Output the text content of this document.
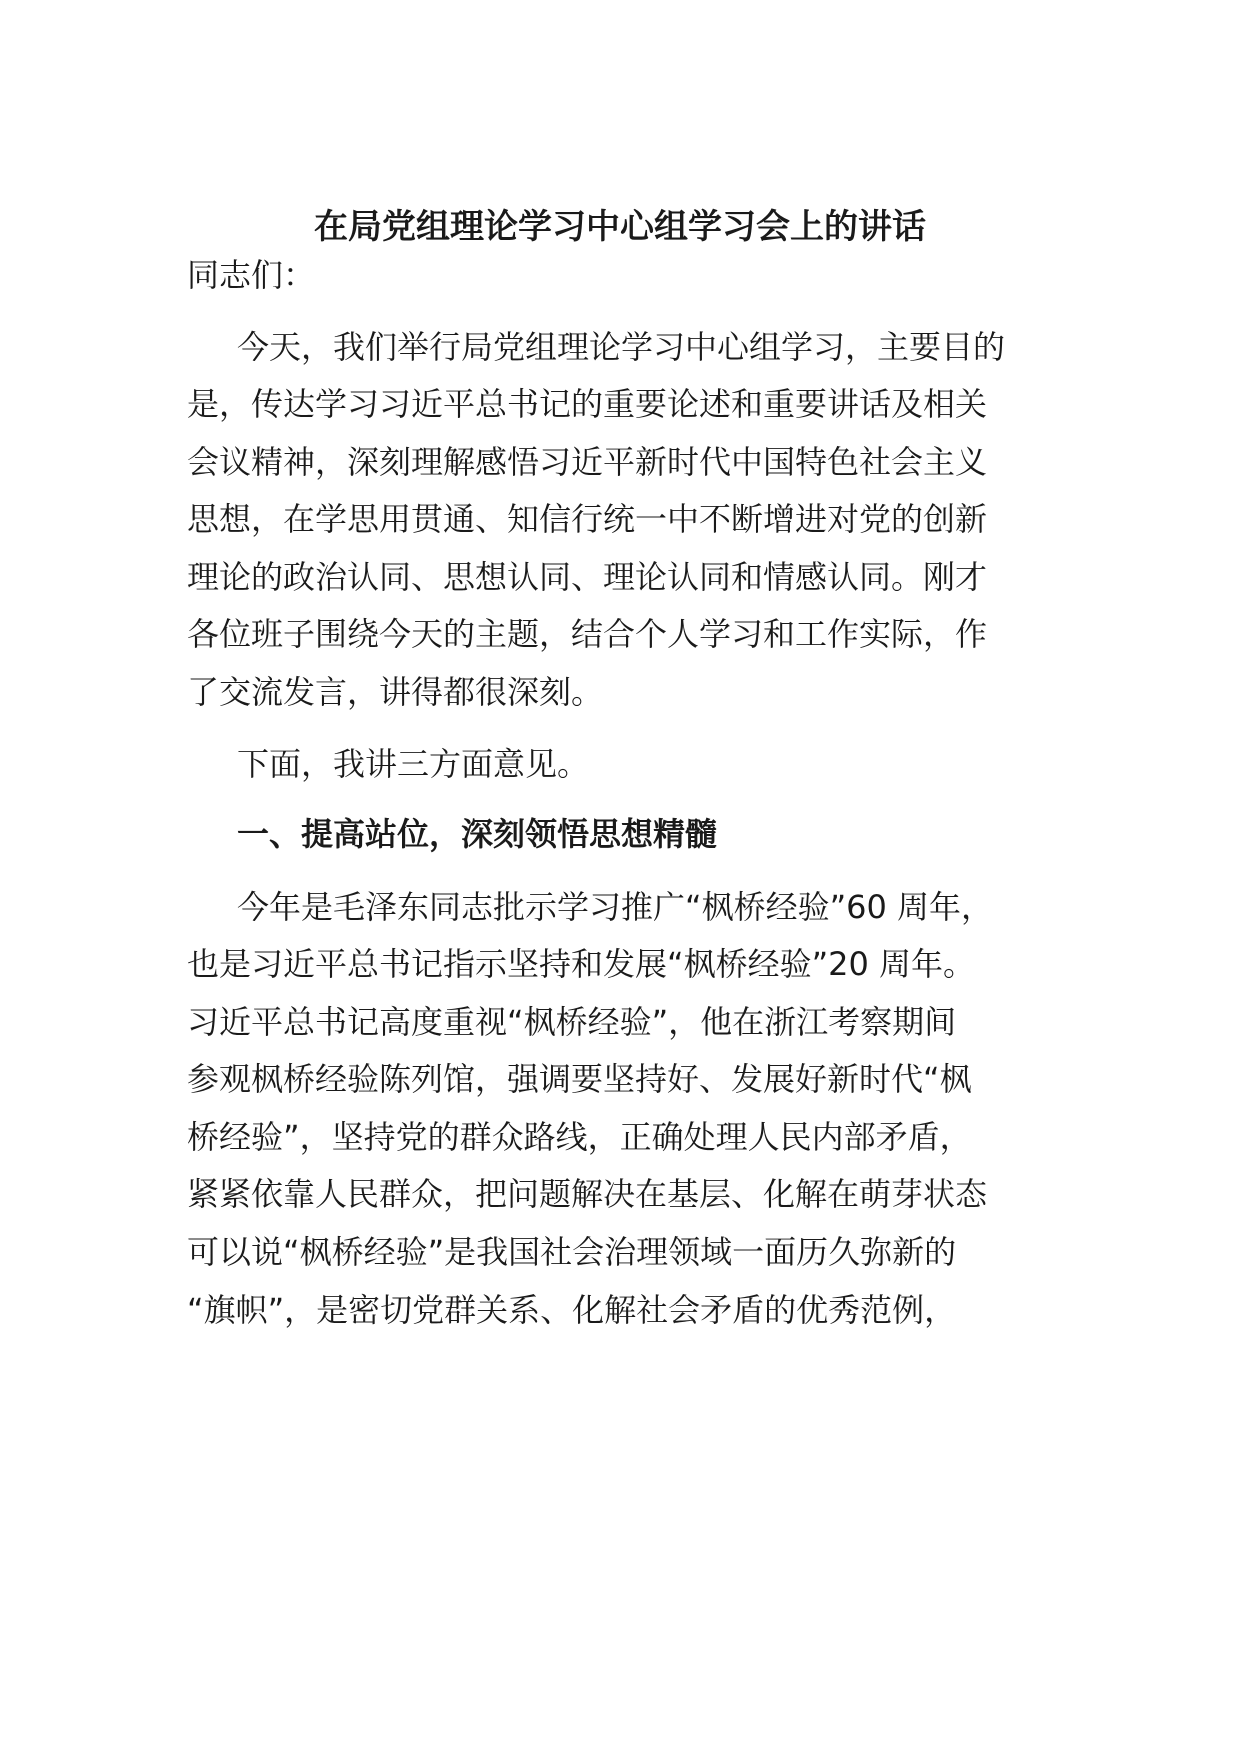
在局党组理论学习中心组学习会上的讲话
同志们：
今天，我们举行局党组理论学习中心组学习，主要目的
是，传达学习习近平总书记的重要论述和重要讲话及相关
会议精神，深刻理解感悟习近平新时代中国特色社会主义
思想，在学思用贯通、知信行统一中不断增进对党的创新
理论的政治认同、思想认同、理论认同和情感认同。刚才
各位班子围绕今天的主题，结合个人学习和工作实际，作
了交流发言，讲得都很深刻。
下面，我讲三方面意见。
一、提高站位，深刻领悟思想精髓
今年是毛泽东同志批示学习推广“枫桥经验”60 周年，
也是习近平总书记指示坚持和发展“枫桥经验”20 周年。
习近平总书记高度重视“枫桥经验”，他在浙江考察期间
参观枫桥经验陈列馆，强调要坚持好、发展好新时代“枫
桥经验”，坚持党的群众路线，正确处理人民内部矛盾，
紧紧依靠人民群众，把问题解决在基层、化解在萌芽状态
可以说“枫桥经验”是我国社会治理领域一面历久弥新的
“旗帜”，是密切党群关系、化解社会矛盾的优秀范例，
